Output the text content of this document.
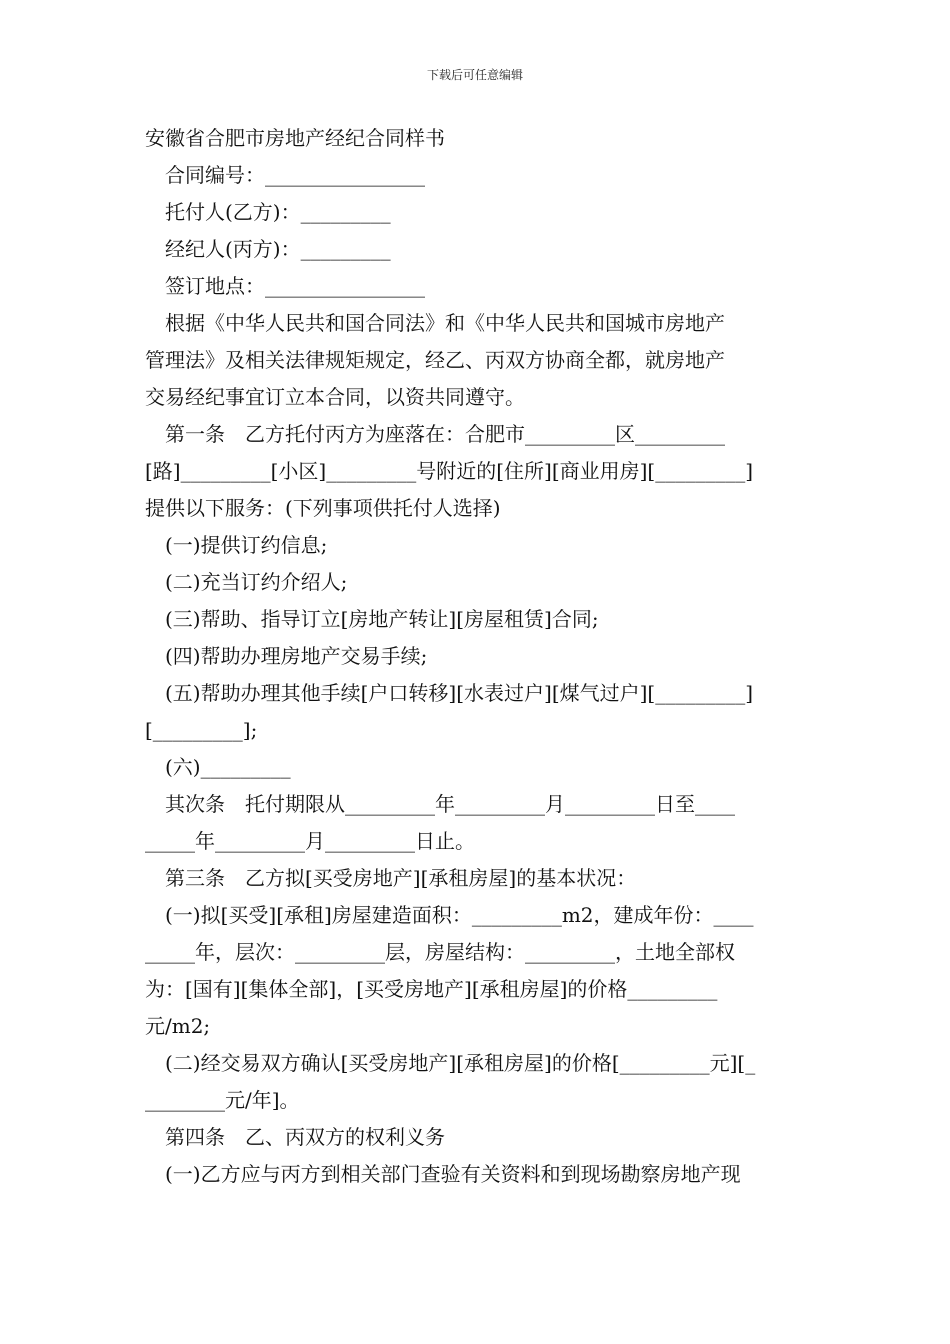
下载后可任意编辑
安徽省合肥市房地产经纪合同样书
合同编号：________________
托付人(乙方)：_________
经纪人(丙方)：_________
签订地点：________________
根据《中华人民共和国合同法》和《中华人民共和国城市房地产
管理法》及相关法律规矩规定，经乙、丙双方协商全都，就房地产
交易经纪事宜订立本合同，以资共同遵守。
第一条　乙方托付丙方为座落在：合肥市_________区_________
[路]_________[小区]_________号附近的[住所][商业用房][_________]
提供以下服务：(下列事项供托付人选择)
(一)提供订约信息;
(二)充当订约介绍人;
(三)帮助、指导订立[房地产转让][房屋租赁]合同;
(四)帮助办理房地产交易手续;
(五)帮助办理其他手续[户口转移][水表过户][煤气过户][_________]
[_________];
(六)_________
其次条　托付期限从_________年_________月_________日至____
_____年_________月_________日止。
第三条　乙方拟[买受房地产][承租房屋]的基本状况：
(一)拟[买受][承租]房屋建造面积：_________m2，建成年份：____
_____年，层次：_________层，房屋结构：_________，土地全部权
为：[国有][集体全部]，[买受房地产][承租房屋]的价格_________
元/m2;
(二)经交易双方确认[买受房地产][承租房屋]的价格[_________元][_
________元/年]。
第四条　乙、丙双方的权利义务
(一)乙方应与丙方到相关部门查验有关资料和到现场勘察房地产现
